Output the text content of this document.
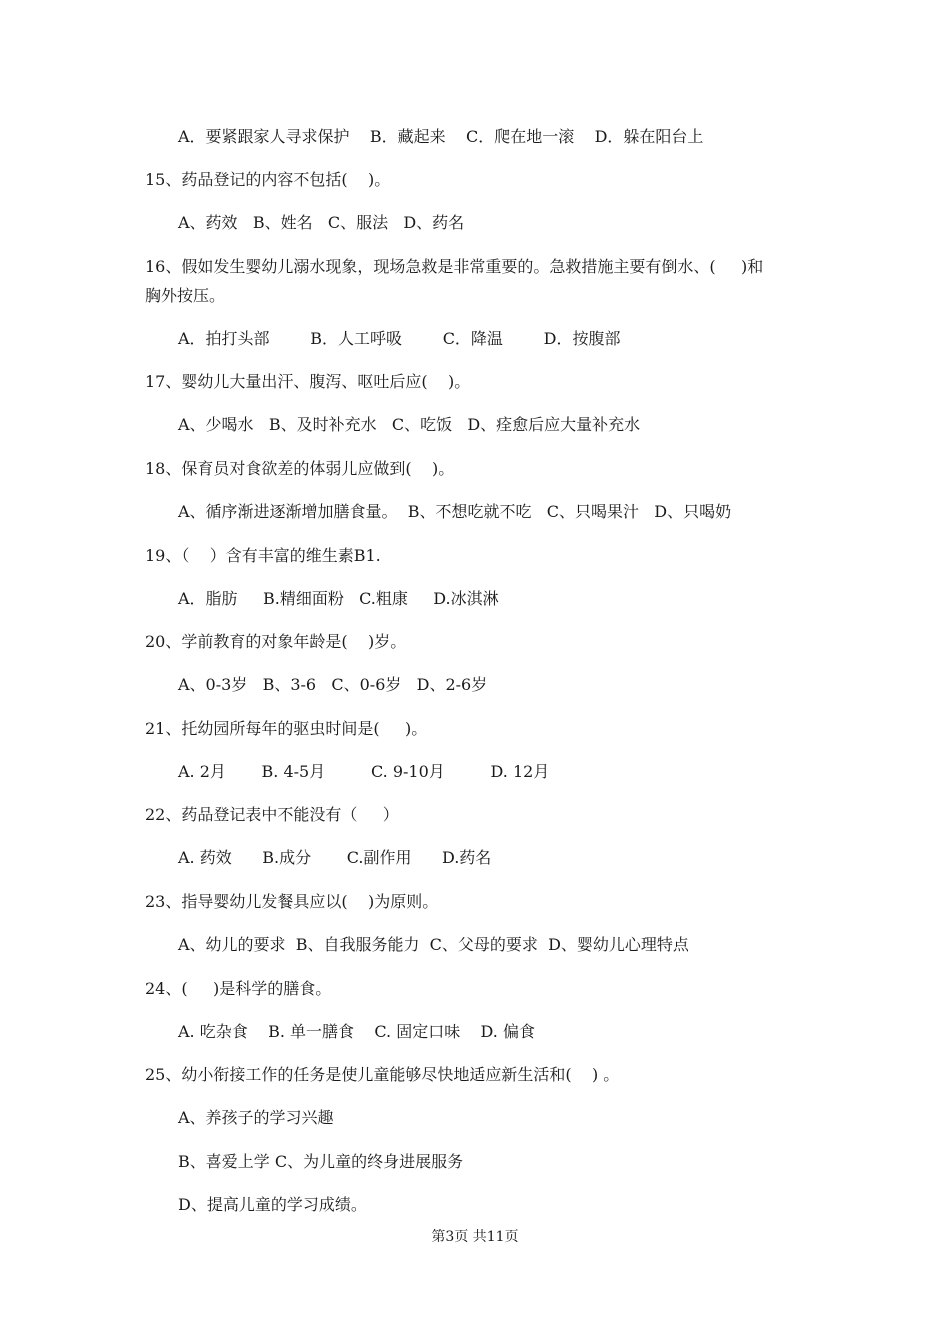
A．要紧跟家人寻求保护    B．藏起来    C．爬在地一滚    D．躲在阳台上
15、药品登记的内容不包括(    )。
A、药效   B、姓名   C、服法   D、药名
16、假如发生婴幼儿溺水现象，现场急救是非常重要的。急救措施主要有倒水、(     )和
胸外按压。
A．拍打头部        B．人工呼吸        C．降温        D．按腹部
17、婴幼儿大量出汗、腹泻、呕吐后应(    )。
A、少喝水   B、及时补充水   C、吃饭   D、痊愈后应大量补充水
18、保育员对食欲差的体弱儿应做到(    )。
A、循序渐进逐渐增加膳食量。  B、不想吃就不吃   C、只喝果汁   D、只喝奶
19、（    ）含有丰富的维生素B1.
A．脂肪     B.精细面粉   C.粗康     D.冰淇淋
20、学前教育的对象年龄是(    )岁。
A、0-3岁   B、3-6   C、0-6岁   D、2-6岁
21、托幼园所每年的驱虫时间是(     )。
A. 2月       B. 4-5月         C. 9-10月         D. 12月
22、药品登记表中不能没有（     ）
A. 药效      B.成分       C.副作用      D.药名
23、指导婴幼儿发餐具应以(    )为原则。
A、幼儿的要求  B、自我服务能力  C、父母的要求  D、婴幼儿心理特点
24、(     )是科学的膳食。
A. 吃杂食    B. 单一膳食    C. 固定口味    D. 偏食
25、幼小衔接工作的任务是使儿童能够尽快地适应新生活和(    ) 。
A、养孩子的学习兴趣
B、喜爱上学 C、为儿童的终身进展服务
D、提高儿童的学习成绩。
第3页 共11页
